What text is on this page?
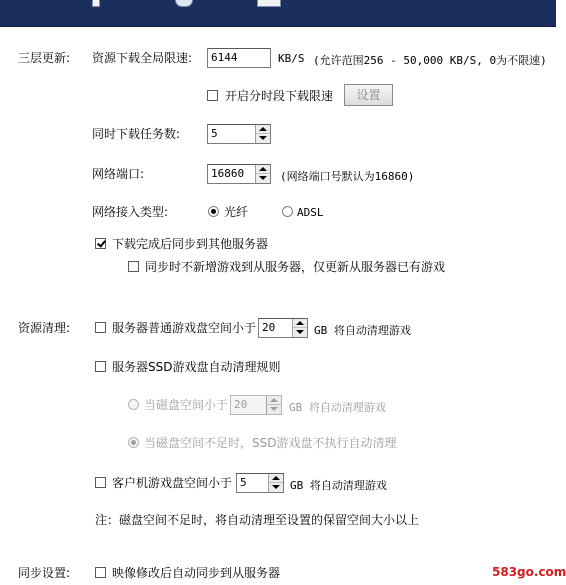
三层更新: 资源下载全局限速:	6144	KB/S (允许范围256 - 50,000 KB/S, 0为不限速)
开启分时段下载限速	设置
同时下载任务数:	5
网络端口:	16860	(网络端口号默认为16860)
网络接入类型:	光纤	ADSL
下载完成后同步到其他服务器
同步时不新增游戏到从服务器，仅更新从服务器已有游戏
资源清理:	服务器普通游戏盘空间小于 20	GB 将自动清理游戏
服务器SSD游戏盘自动清理规则
当磁盘空间小于 20	GB 将自动清理游戏
当磁盘空间不足时，SSD游戏盘不执行自动清理
客户机游戏盘空间小于 5	GB 将自动清理游戏
注：磁盘空间不足时，将自动清理至设置的保留空间大小以上
同步设置:	映像修改后自动同步到从服务器	583go.com
